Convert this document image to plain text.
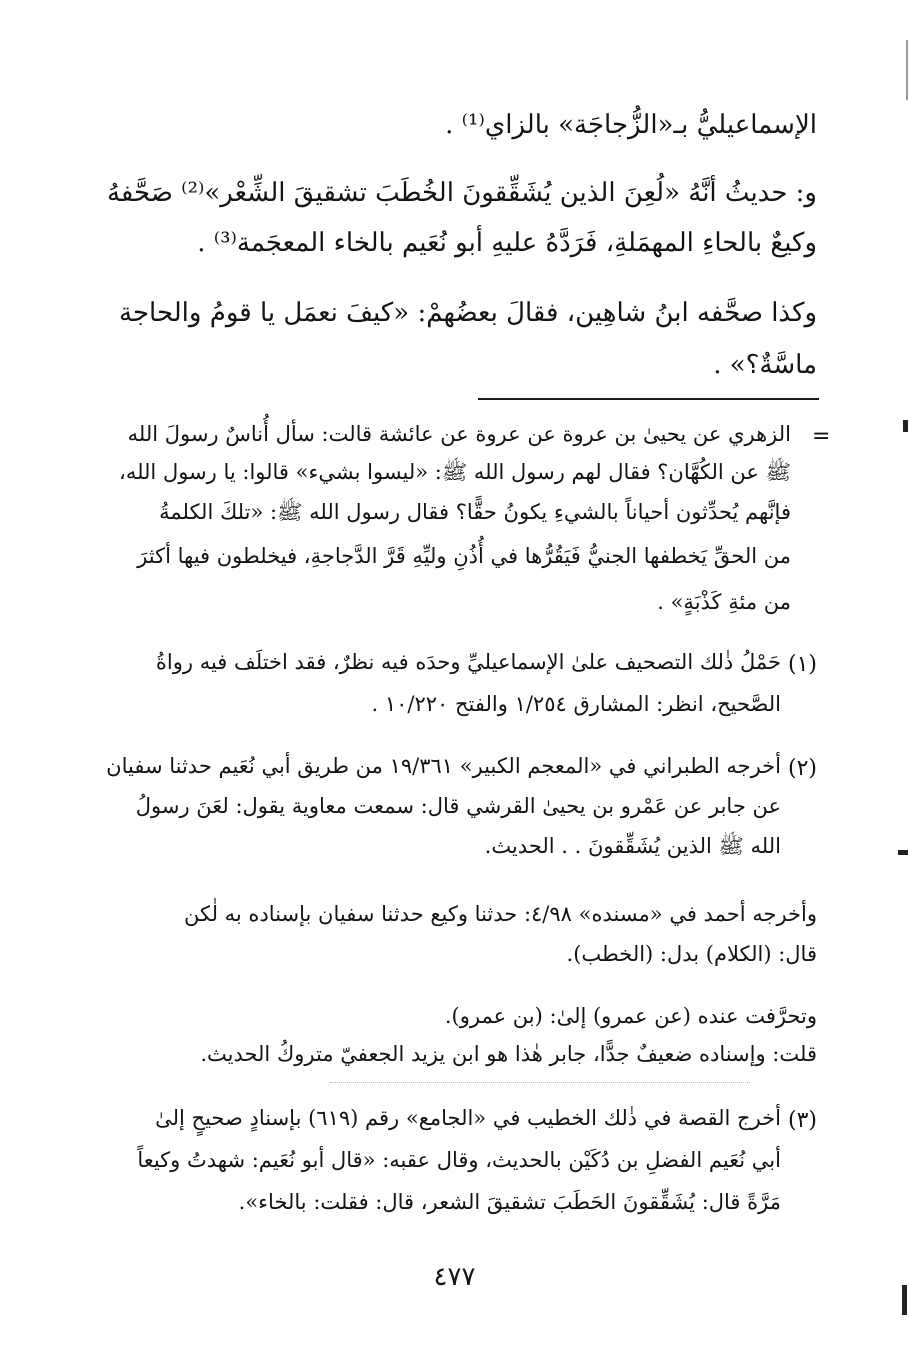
الإسماعيليُّ بـ«الزُّجاجَة» بالزاي⁽¹⁾ .
و: حديثُ أنَّهُ «لُعِنَ الذين يُشَقِّقونَ الخُطَبَ تشقيقَ الشِّعْر»⁽²⁾ صَحَّفهُ
وكيعٌ بالحاءِ المهمَلةِ، فَرَدَّهُ عليهِ أبو نُعَيم بالخاء المعجَمة⁽³⁾ .
وكذا صحَّفه ابنُ شاهِين، فقالَ بعضُهمْ: «كيفَ نعمَل يا قومُ والحاجة
ماسَّةٌ؟» .
=
الزهري عن يحيىٰ بن عروة عن عروة عن عائشة قالت: سأل أُناسٌ رسولَ الله
ﷺ عن الكُهَّان؟ فقال لهم رسول الله ﷺ: «ليسوا بشيء» قالوا: يا رسول الله،
فإنَّهم يُحدِّثون أحياناً بالشيءِ يكونُ حقًّا؟ فقال رسول الله ﷺ: «تلكَ الكلمةُ
من الحقِّ يَخطفها الجنيُّ فَيَقُرُّها في أُذُنِ وليِّهِ قَرَّ الدَّجاجةِ، فيخلطون فيها أكثرَ
من مئةِ كَذْبَةٍ» .
(١)
حَمْلُ ذٰلك التصحيف علىٰ الإسماعيليِّ وحدَه فيه نظرٌ، فقد اختلَف فيه رواةُ
الصَّحيح، انظر: المشارق ١/٢٥٤ والفتح ١٠/٢٢٠ .
(٢)
أخرجه الطبراني في «المعجم الكبير» ١٩/٣٦١ من طريق أبي نُعَيم حدثنا سفيان
عن جابر عن عَمْرو بن يحيىٰ القرشي قال: سمعت معاوية يقول: لعَنَ رسولُ
الله ﷺ الذين يُشَقِّقونَ . . الحديث.
وأخرجه أحمد في «مسنده» ٤/٩٨: حدثنا وكيع حدثنا سفيان بإسناده به لٰكن
قال: (الكلام) بدل: (الخطب).
وتحرَّفت عنده (عن عمرو) إلىٰ: (بن عمرو).
قلت: وإسناده ضعيفٌ جدًّا، جابر هٰذا هو ابن يزيد الجعفيّ متروكُ الحديث.
(٣)
أخرج القصة في ذٰلك الخطيب في «الجامع» رقم (٦١٩) بإسنادٍ صحيحٍ إلىٰ
أبي نُعَيم الفضلِ بن دُكَيْن بالحديث، وقال عقبه: «قال أبو نُعَيم: شهدتُ وكيعاً
مَرَّةً قال: يُشَقِّقونَ الحَطَبَ تشقيقَ الشعر، قال: فقلت: بالخاء».
٤٧٧
